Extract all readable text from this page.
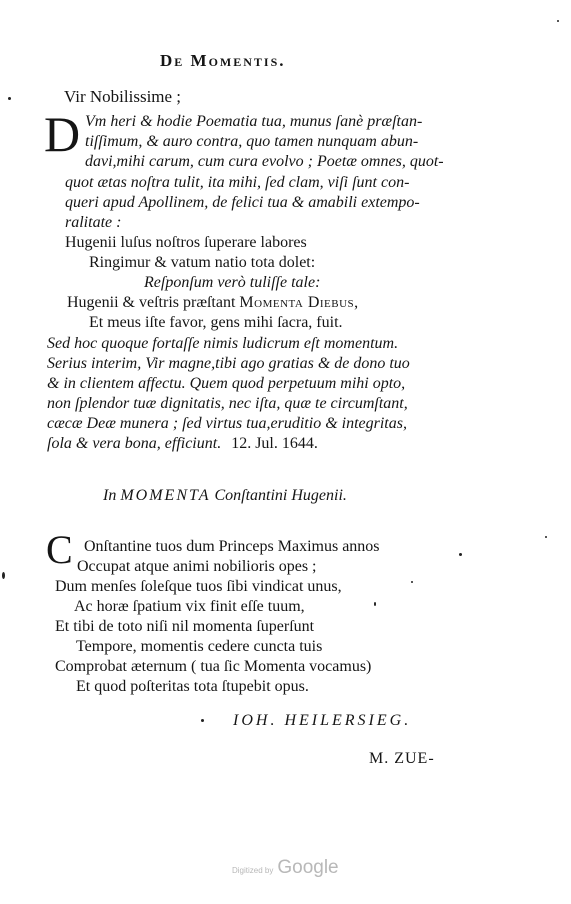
De Momentis.
Vir Nobilissime ;
D Vm heri & hodie Poematia tua, munus ſanè præſtan-
tiſſimum, & auro contra, quo tamen nunquam abun-
davi,mihi carum, cum cura evolvo ; Poetæ omnes, quot-
quot ætas noſtra tulit, ita mihi, ſed clam, viſi ſunt con-
queri apud Apollinem, de felici tua & amabili extempo-
ralitate :
Hugenii luſus noſtros ſuperare labores
Ringimur & vatum natio tota dolet:
Reſponſum verò tuliſſe tale:
Hugenii & veſtris præſtant Momenta Diebus,
Et meus iſte favor, gens mihi ſacra, fuit.
Sed hoc quoque fortaſſe nimis ludicrum eſt momentum.
Serius interim, Vir magne,tibi ago gratias & de dono tuo
& in clientem affectu. Quem quod perpetuum mihi opto,
non ſplendor tuæ dignitatis, nec iſta, quæ te circumſtant,
cæcæ Deæ munera ; ſed virtus tua,eruditio & integritas,
ſola & vera bona, efficiunt. 12. Jul. 1644.
In MOMENTA Conſtantini Hugenii.
C Onſtantine tuos dum Princeps Maximus annos
Occupat atque animi nobilioris opes ;
Dum menſes ſoleſque tuos ſibi vindicat unus,
Ac horæ ſpatium vix finit eſſe tuum,
Et tibi de toto niſi nil momenta ſuperſunt
Tempore, momentis cedere cuncta tuis
Comprobat æternum ( tua ſic Momenta vocamus)
Et quod poſteritas tota ſtupebit opus.
IOH. HEILERSIEG.
M. ZUE-
Digitized by Google
